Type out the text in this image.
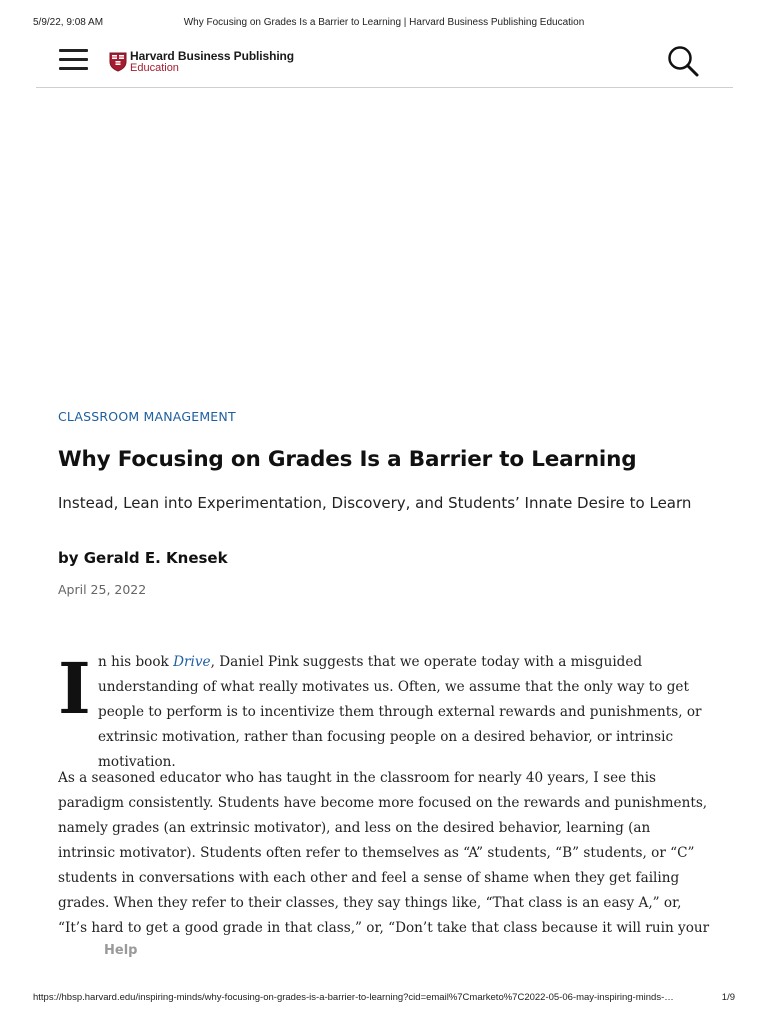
5/9/22, 9:08 AM	Why Focusing on Grades Is a Barrier to Learning | Harvard Business Publishing Education
Harvard Business Publishing
Education
CLASSROOM MANAGEMENT
Why Focusing on Grades Is a Barrier to Learning

Instead, Lean into Experimentation, Discovery, and Students’ Innate Desire to Learn

by Gerald E. Knesek

April 25, 2022

I n his book Drive, Daniel Pink suggests that we operate today with a misguided understanding of what really motivates us. Often, we assume that the only way to get people to perform is to incentivize them through external rewards and punishments, or extrinsic motivation, rather than focusing people on a desired behavior, or intrinsic motivation.

As a seasoned educator who has taught in the classroom for nearly 40 years, I see this paradigm consistently. Students have become more focused on the rewards and punishments, namely grades (an extrinsic motivator), and less on the desired behavior, learning (an intrinsic motivator). Students often refer to themselves as “A” students, “B” students, or “C” students in conversations with each other and feel a sense of shame when they get failing grades. When they refer to their classes, they say things like, “That class is an easy A,” or, “It’s hard to get a good grade in that class,” or, “Don’t take that class because it will ruin your

Help
https://hbsp.harvard.edu/inspiring-minds/why-focusing-on-grades-is-a-barrier-to-learning?cid=email%7Cmarketo%7C2022-05-06-may-inspiring-minds-…	1/9
